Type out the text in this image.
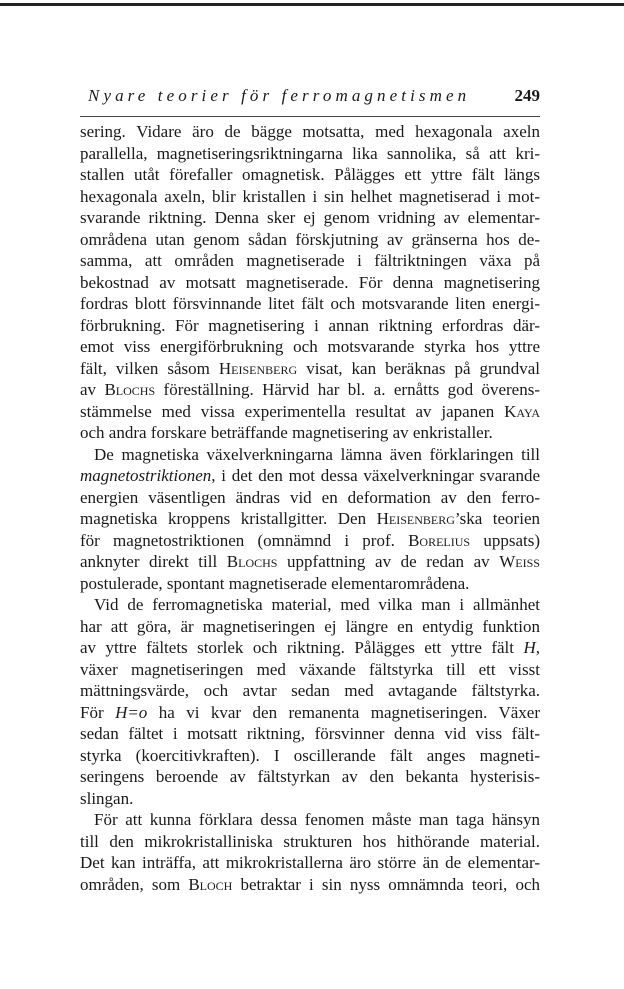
Nyare teorier för ferromagnetismen	249
sering. Vidare äro de bägge motsatta, med hexagonala axeln
parallella, magnetiseringsriktningarna lika sannolika, så att kri-
stallen utåt förefaller omagnetisk. Pålägges ett yttre fält längs
hexagonala axeln, blir kristallen i sin helhet magnetiserad i mot-
svarande riktning. Denna sker ej genom vridning av elementar-
områdena utan genom sådan förskjutning av gränserna hos de-
samma, att områden magnetiserade i fältriktningen växa på
bekostnad av motsatt magnetiserade. För denna magnetisering
fordras blott försvinnande litet fält och motsvarande liten energi-
förbrukning. För magnetisering i annan riktning erfordras där-
emot viss energiförbrukning och motsvarande styrka hos yttre
fält, vilken såsom Heisenberg visat, kan beräknas på grundval
av Blochs föreställning. Härvid har bl. a. ernåtts god överens-
stämmelse med vissa experimentella resultat av japanen Kaya
och andra forskare beträffande magnetisering av enkristaller.
De magnetiska växelverkningarna lämna även förklaringen till
magnetostriktionen, i det den mot dessa växelverkningar svarande
energien väsentligen ändras vid en deformation av den ferro-
magnetiska kroppens kristallgitter. Den Heisenberg’ska teorien
för magnetostriktionen (omnämnd i prof. Borelius uppsats)
anknyter direkt till Blochs uppfattning av de redan av Weiss
postulerade, spontant magnetiserade elementarområdena.
Vid de ferromagnetiska material, med vilka man i allmänhet
har att göra, är magnetiseringen ej längre en entydig funktion
av yttre fältets storlek och riktning. Pålägges ett yttre fält H,
växer magnetiseringen med växande fältstyrka till ett visst
mättningsvärde, och avtar sedan med avtagande fältstyrka.
För H=o ha vi kvar den remanenta magnetiseringen. Växer
sedan fältet i motsatt riktning, försvinner denna vid viss fält-
styrka (koercitivkraften). I oscillerande fält anges magneti-
seringens beroende av fältstyrkan av den bekanta hysterisis-
slingan.
För att kunna förklara dessa fenomen måste man taga hänsyn
till den mikrokristalliniska strukturen hos hithörande material.
Det kan inträffa, att mikrokristallerna äro större än de elementar-
områden, som Bloch betraktar i sin nyss omnämnda teori, och
